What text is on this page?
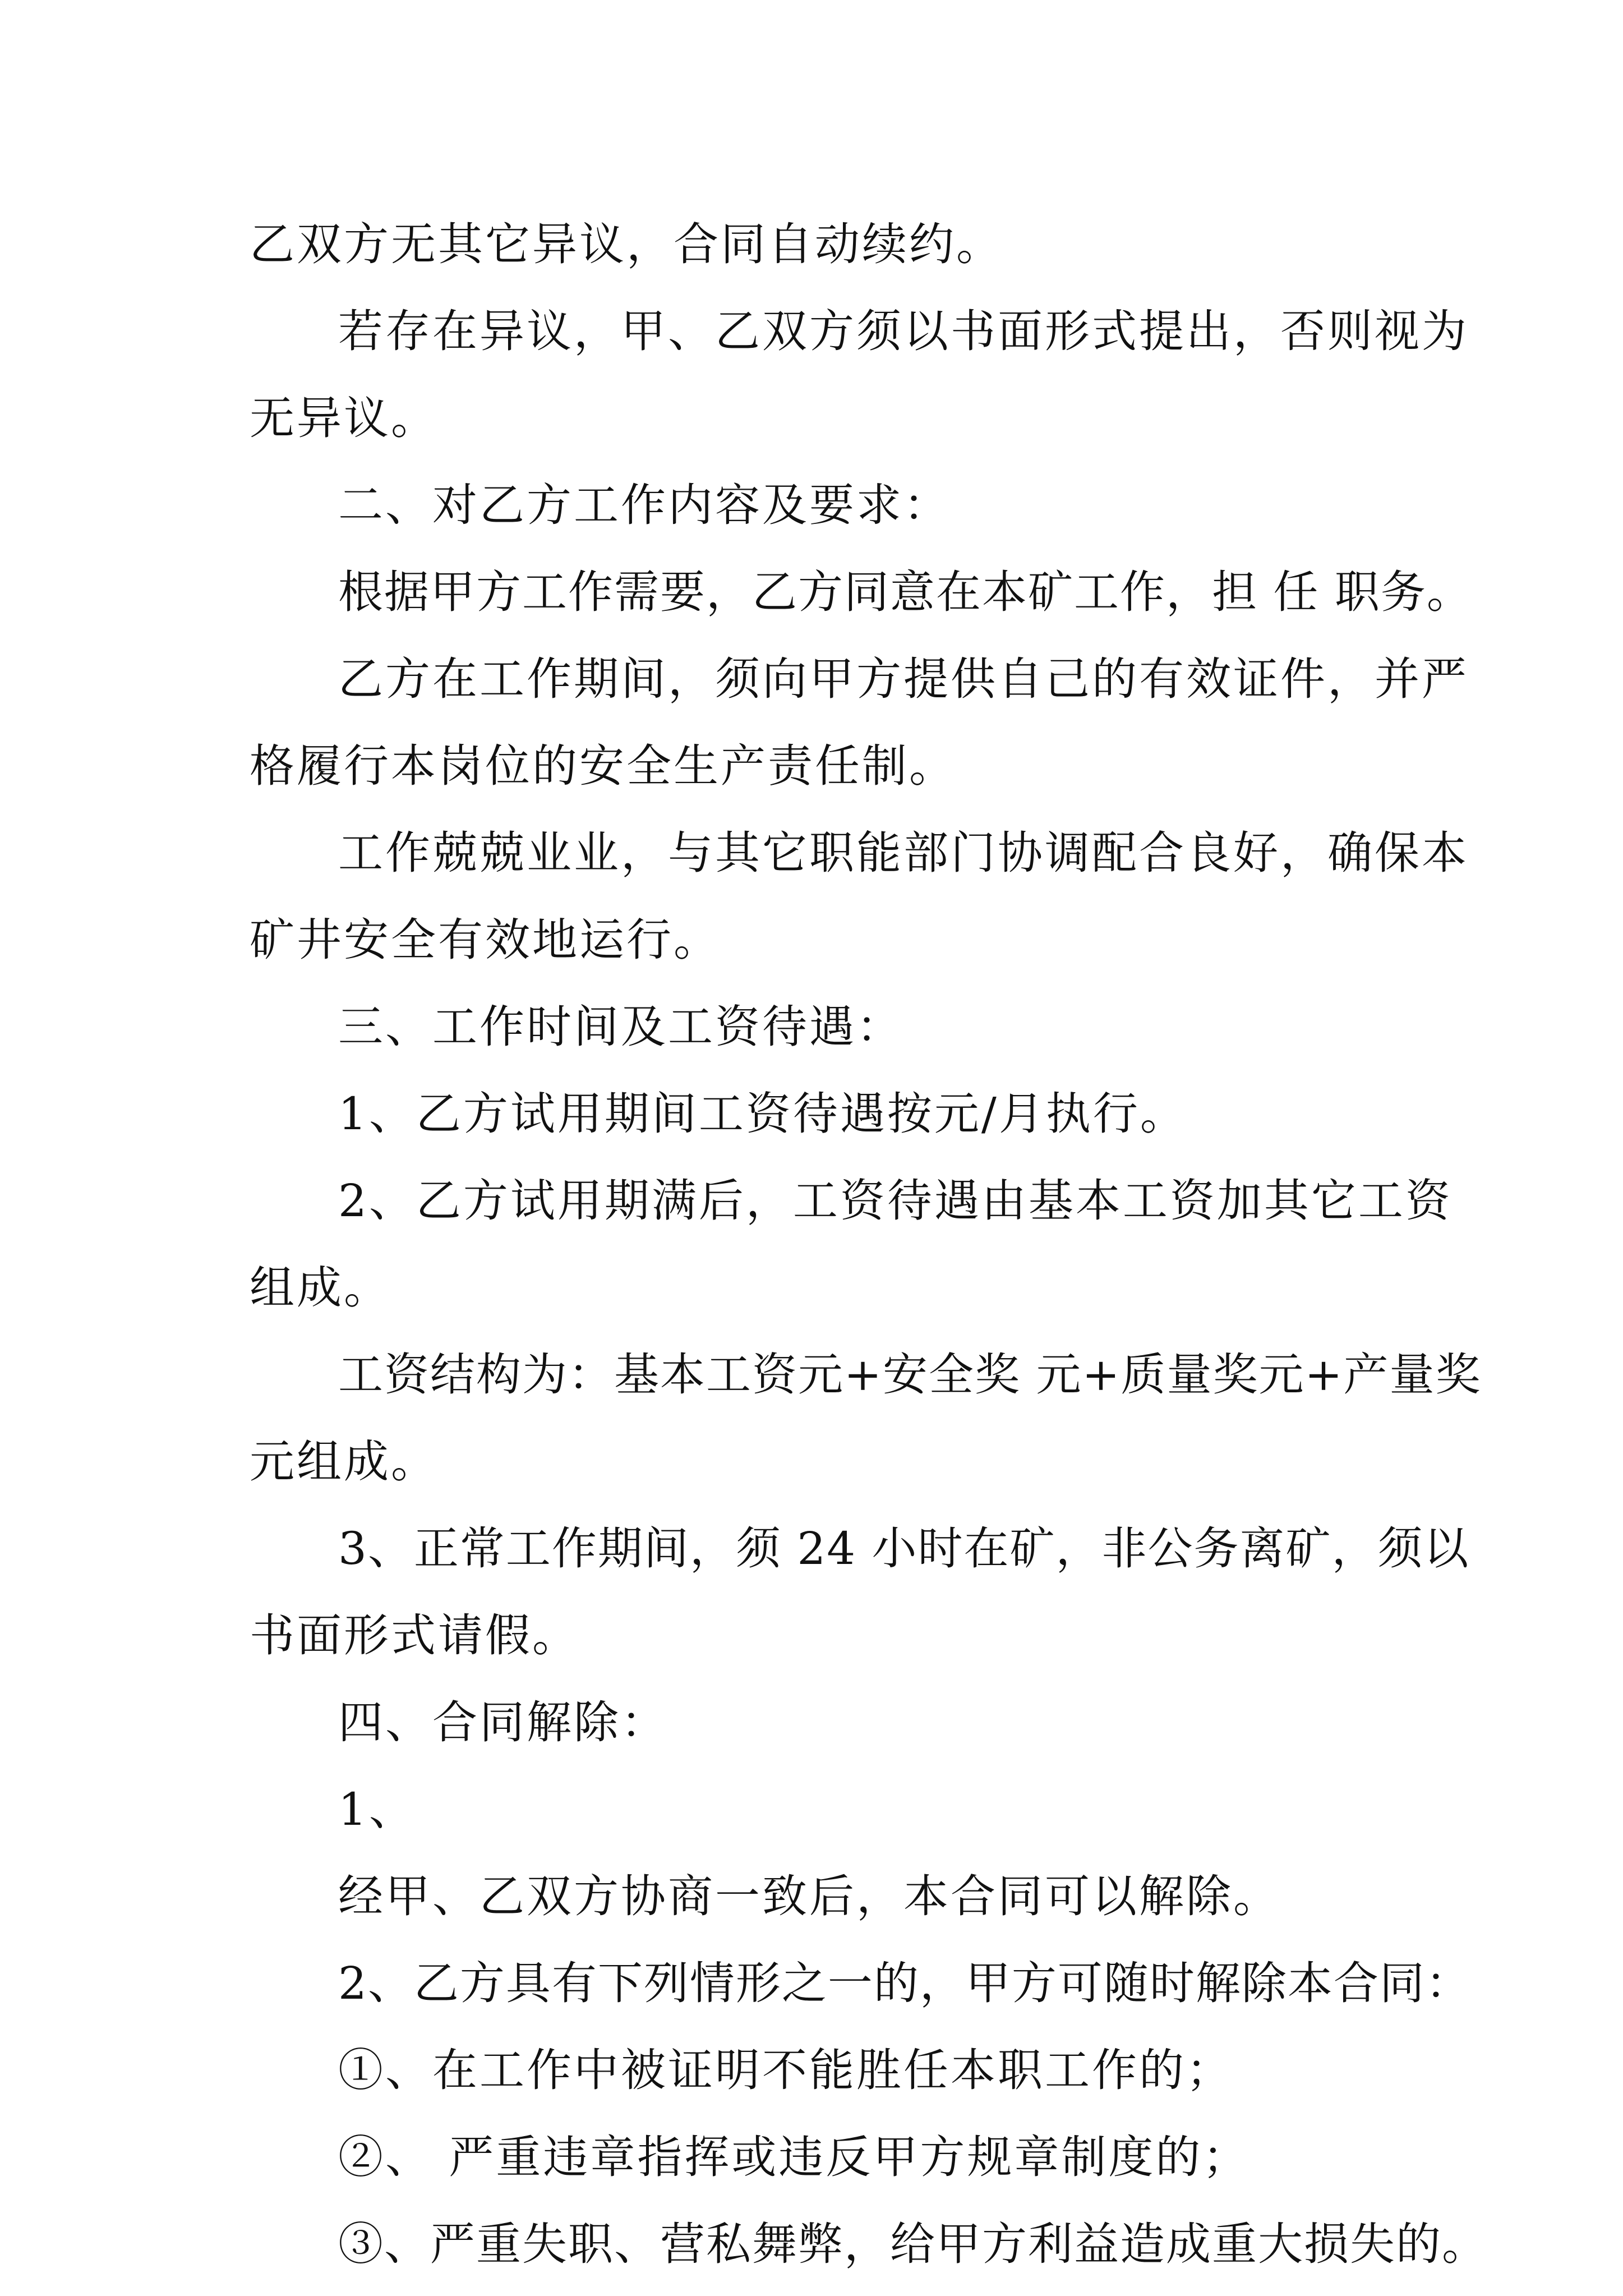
乙双方无其它异议，合同自动续约。
若存在异议，甲、乙双方须以书面形式提出，否则视为
无异议。
二、对乙方工作内容及要求：
根据甲方工作需要，乙方同意在本矿工作，担 任 职务。
乙方在工作期间，须向甲方提供自己的有效证件，并严
格履行本岗位的安全生产责任制。
工作兢兢业业，与其它职能部门协调配合良好，确保本
矿井安全有效地运行。
三、工作时间及工资待遇：
1、乙方试用期间工资待遇按元/月执行。
2、乙方试用期满后，工资待遇由基本工资加其它工资
组成。
工资结构为：基本工资元+安全奖 元+质量奖元+产量奖
元组成。
3、正常工作期间，须 24 小时在矿，非公务离矿，须以
书面形式请假。
四、合同解除：
1、
经甲、乙双方协商一致后，本合同可以解除。
2、乙方具有下列情形之一的，甲方可随时解除本合同：
①、在工作中被证明不能胜任本职工作的；
②、 严重违章指挥或违反甲方规章制度的；
③、严重失职、营私舞弊，给甲方利益造成重大损失的。
